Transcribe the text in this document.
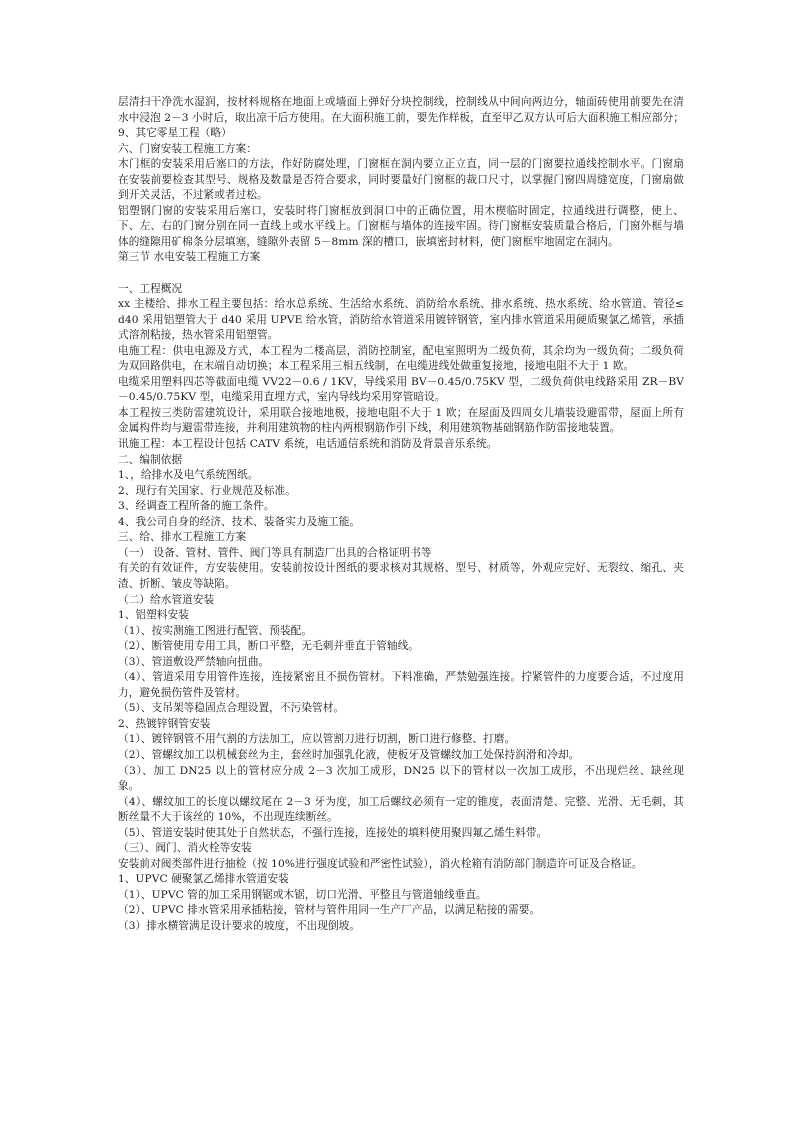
层清扫干净洗水湿润，按材料规格在地面上或墙面上弹好分块控制线，控制线从中间向两边分，轴面砖使用前要先在清水中浸泡 2－3 小时后，取出凉干后方使用。在大面积施工前，要先作样板，直至甲乙双方认可后大面积施工相应部分；

9、其它零星工程（略）

六、门窗安装工程施工方案：

木门框的安装采用后塞口的方法，作好防腐处理，门窗框在洞内要立正立直，同一层的门窗要拉通线控制水平。门窗扇在安装前要检查其型号、规格及数量是否符合要求，同时要量好门窗框的裁口尺寸，以掌握门窗四周缝宽度，门窗扇做到开关灵活，不过紧或者过松。

铝塑钢门窗的安装采用后塞口，安装时将门窗框放到洞口中的正确位置，用木楔临时固定，拉通线进行调整，使上、下、左、右的门窗分别在同一直线上或水平线上。门窗框与墙体的连接牢固。待门窗框安装质量合格后，门窗外框与墙体的缝隙用矿棉条分层填塞，缝隙外表留 5－8mm 深的槽口，嵌填密封材料，使门窗框牢地固定在洞内。

第三节 水电安装工程施工方案

一、工程概况

xx 主楼给、排水工程主要包括：给水总系统、生活给水系统、消防给水系统、排水系统、热水系统、给水管道、管径≤d40 采用铝塑管大于 d40 采用 UPVE 给水管，消防给水管道采用镀锌钢管，室内排水管道采用硬质聚氯乙烯管，承插式溶剂粘接，热水管采用铝塑管。

电施工程：供电电源及方式，本工程为二楼高层，消防控制室，配电室照明为二级负荷，其余均为一级负荷；二级负荷为双回路供电，在末端自动切换；本工程采用三相五线制，在电缆进线处做重复接地，接地电阻不大于 1 欧。

电缆采用塑料四芯等截面电缆 VV22－0.6 / 1KV，导线采用 BV－0.45/0.75KV 型，二级负荷供电线路采用 ZR－BV－0.45/0.75KV 型，电缆采用直埋方式，室内导线均采用穿管暗设。

本工程按三类防雷建筑设计，采用联合接地地极，接地电阻不大于 1 欧；在屋面及四周女儿墙装设避雷带，屋面上所有金属构件均与避雷带连接，并利用建筑物的柱内两根钢筋作引下线，利用建筑物基础钢筋作防雷接地装置。

讯施工程：本工程设计包括 CATV 系统，电话通信系统和消防及背景音乐系统。

二、编制依据

1、，给排水及电气系统图纸。

2、现行有关国家、行业规范及标准。

3、经调查工程所备的施工条件。

4、我公司自身的经济、技术、装备实力及施工能。

三、给、排水工程施工方案

（一） 设备、管材、管件、阀门等具有制造厂出具的合格证明书等

有关的有效证件，方安装使用。安装前按设计图纸的要求核对其规格、型号、材质等，外观应完好、无裂纹、缩孔、夹渣、折断、皱皮等缺陷。

（二）给水管道安装

1、铝塑料安装

（1）、按实测施工图进行配管、预装配。

（2）、断管使用专用工具，断口平整，无毛刺并垂直于管轴线。

（3）、管道敷设严禁轴向扭曲。

（4）、管道采用专用管件连接，连接紧密且不损伤管材。下料准确，严禁勉强连接。拧紧管件的力度要合适，不过度用力，避免损伤管件及管材。

（5）、支吊架等稳固点合理设置，不污染管材。

2、热镀锌钢管安装

（1）、镀锌钢管不用气割的方法加工，应以管割刀进行切割，断口进行修整、打磨。

（2）、管螺纹加工以机械套丝为主，套丝时加强乳化液，使板牙及管螺纹加工处保持润滑和冷却。

（3）、加工 DN25 以上的管材应分成 2－3 次加工成形，DN25 以下的管材以一次加工成形，不出现烂丝、缺丝现象。

（4）、螺纹加工的长度以螺纹尾在 2－3 牙为度，加工后螺纹必须有一定的锥度，表面清楚、完整、光滑、无毛刺，其断丝量不大于该丝的 10%，不出现连续断丝。

（5）、管道安装时使其处于自然状态，不强行连接，连接处的填料使用聚四氟乙烯生料带。

（三）、阀门、消火栓等安装

安装前对阀类部件进行抽检（按 10%进行强度试验和严密性试验），消火栓箱有消防部门制造许可证及合格证。

1、UPVC 硬聚氯乙烯排水管道安装

（1）、UPVC 管的加工采用钢锯或木锯，切口光滑、平整且与管道轴线垂直。

（2）、UPVC 排水管采用承插粘接，管材与管件用同一生产厂产品，以满足粘接的需要。

（3）排水横管满足设计要求的坡度，不出现倒坡。
